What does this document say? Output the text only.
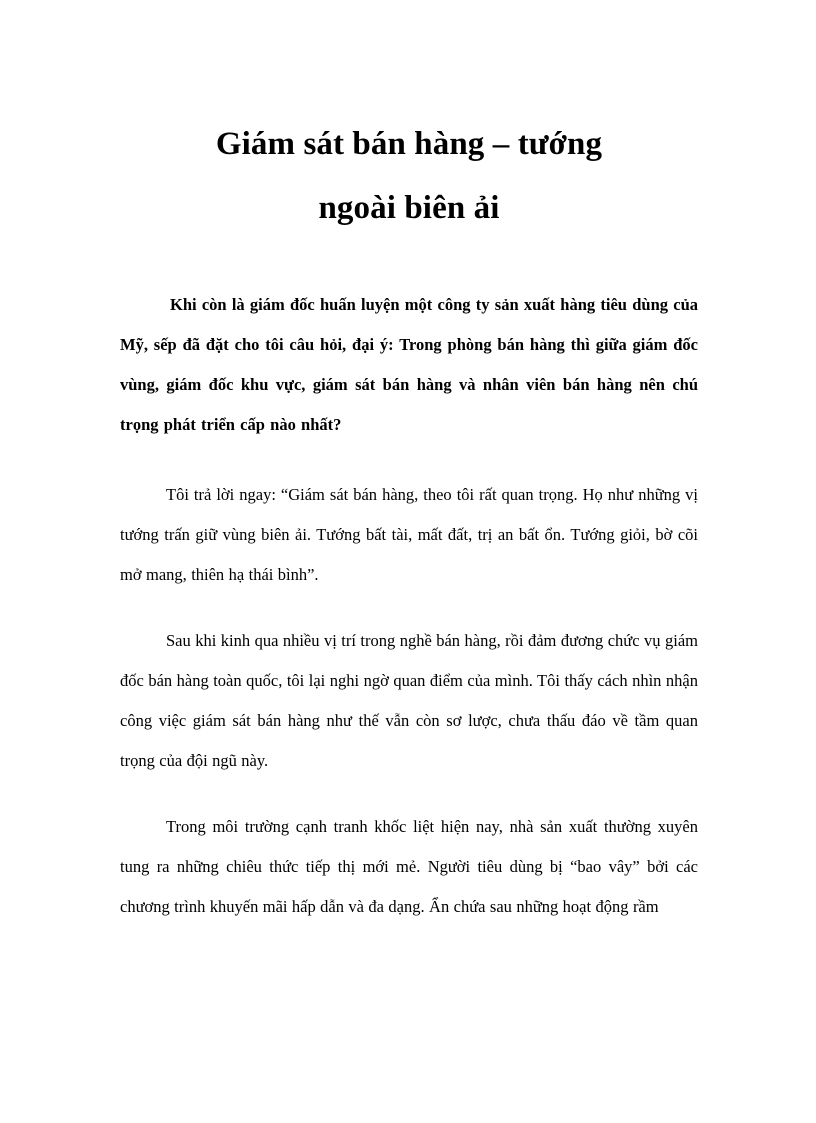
Giám sát bán hàng – tướng
ngoài biên ải

Khi còn là giám đốc huấn luyện một công ty sản xuất hàng tiêu dùng của Mỹ, sếp đã đặt cho tôi câu hỏi, đại ý: Trong phòng bán hàng thì giữa giám đốc vùng, giám đốc khu vực, giám sát bán hàng và nhân viên bán hàng nên chú trọng phát triển cấp nào nhất?

Tôi trả lời ngay: “Giám sát bán hàng, theo tôi rất quan trọng. Họ như những vị tướng trấn giữ vùng biên ải. Tướng bất tài, mất đất, trị an bất ổn. Tướng giỏi, bờ cõi mở mang, thiên hạ thái bình”.

Sau khi kinh qua nhiều vị trí trong nghề bán hàng, rồi đảm đương chức vụ giám đốc bán hàng toàn quốc, tôi lại nghi ngờ quan điểm của mình. Tôi thấy cách nhìn nhận công việc giám sát bán hàng như thế vẫn còn sơ lược, chưa thấu đáo về tầm quan trọng của đội ngũ này.

Trong môi trường cạnh tranh khốc liệt hiện nay, nhà sản xuất thường xuyên tung ra những chiêu thức tiếp thị mới mẻ. Người tiêu dùng bị “bao vây” bởi các chương trình khuyến mãi hấp dẫn và đa dạng. Ẩn chứa sau những hoạt động rầm
